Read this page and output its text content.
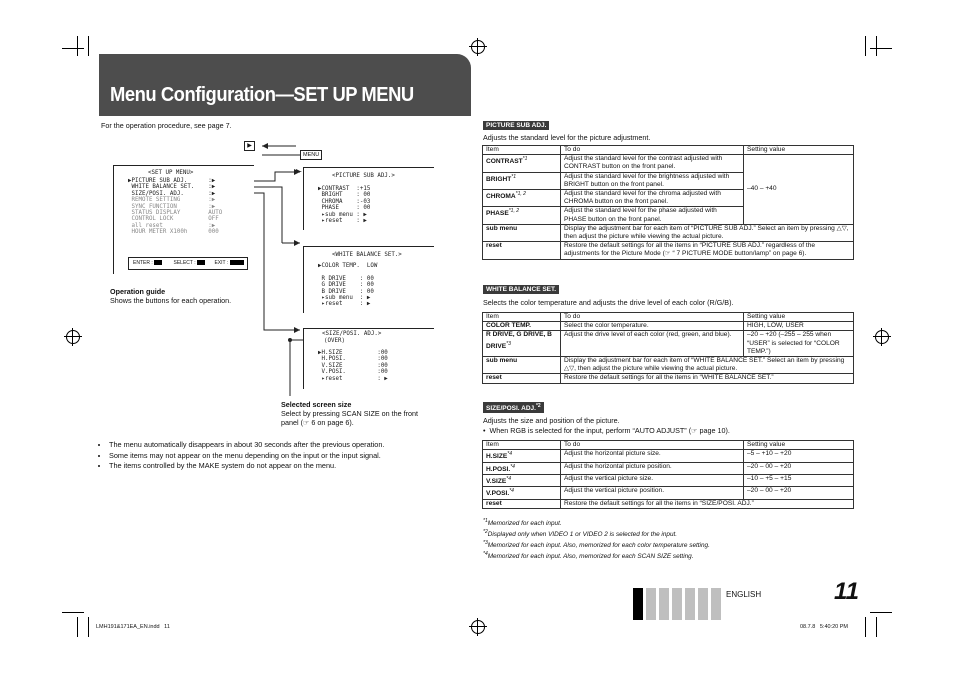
Menu Configuration—SET UP MENU
For the operation procedure, see page 7.
▶
MENU
<SET UP MENU>
▶PICTURE SUB ADJ.      :▶
WHITE BALANCE SET.    :▶
SIZE/POSI. ADJ.       :▶
REMOTE SETTING        :▶
SYNC FUNCTION         :▶
STATUS DISPLAY        AUTO
CONTROL LOCK          OFF
all reset             :▶
HOUR METER X100h      000
ENTER :	SELECT :	EXIT :
Operation guide
Shows the buttons for each operation.
<PICTURE SUB ADJ.>
▶CONTRAST  :+15
BRIGHT    : 00
CHROMA    :-03
PHASE     : 00
▸sub menu : ▶
▸reset    : ▶
<WHITE BALANCE SET.>
▶COLOR TEMP.  LOW

R DRIVE    : 00
G DRIVE    : 00
B DRIVE    : 00
▸sub menu  : ▶
▸reset     : ▶
<SIZE/POSI. ADJ.>
(OVER)
▶H.SIZE          :00
H.POSI.         :00
V.SIZE          :00
V.POSI.         :00
▸reset          : ▶
Selected screen size
Select by pressing SCAN SIZE on the front panel (☞ 6 on page 6).
• The menu automatically disappears in about 30 seconds after the previous operation.
• Some items may not appear on the menu depending on the input or the input signal.
• The items controlled by the MAKE system do not appear on the menu.
PICTURE SUB ADJ.
Adjusts the standard level for the picture adjustment.
Item	To do	Setting value
CONTRAST$^{*1}$	Adjust the standard level for the contrast adjusted with CONTRAST button on the front panel.	–40 – +40
BRIGHT$^{*1}$	Adjust the standard level for the brightness adjusted with BRIGHT button on the front panel.	
CHROMA$^{*1, 2}$	Adjust the standard level for the chroma adjusted with CHROMA button on the front panel.	
PHASE$^{*1, 2}$	Adjust the standard level for the phase adjusted with PHASE button on the front panel.	
sub menu	Display the adjustment bar for each item of “PICTURE SUB ADJ.” Select an item by pressing △▽, then adjust the picture while viewing the actual picture.	
reset	Restore the default settings for all the items in “PICTURE SUB ADJ.” regardless of the adjustments for the Picture Mode (☞ “ 7 PICTURE MODE button/lamp” on page 6).	
WHITE BALANCE SET.
Selects the color temperature and adjusts the drive level of each color (R/G/B).
Item	To do	Setting value
COLOR TEMP.	Select the color temperature.	HIGH, LOW, USER
R DRIVE, G DRIVE, B DRIVE$^{*3}$	Adjust the drive level of each color (red, green, and blue).	–20 – +20 (–255 – 255 when “USER” is selected for “COLOR TEMP.”)
sub menu	Display the adjustment bar for each item of “WHITE BALANCE SET.” Select an item by pressing △▽, then adjust the picture while viewing the actual picture.	
reset	Restore the default settings for all the items in “WHITE BALANCE SET.”	
SIZE/POSI. ADJ.$^{*2}$
Adjusts the size and position of the picture.
•  When RGB is selected for the input, perform “AUTO ADJUST” (☞ page 10).
Item	To do	Setting value
H.SIZE$^{*4}$	Adjust the horizontal picture size.	–5 – +10 – +20
H.POSI.$^{*4}$	Adjust the horizontal picture position.	–20 – 00 – +20
V.SIZE$^{*4}$	Adjust the vertical picture size.	–10 – +5 – +15
V.POSI.$^{*4}$	Adjust the vertical picture position.	–20 – 00 – +20
reset	Restore the default settings for all the items in “SIZE/POSI. ADJ.”	
$^{*1}$Memorized for each input.
$^{*2}$Displayed only when VIDEO 1 or VIDEO 2 is selected for the input.
$^{*3}$Memorized for each input. Also, memorized for each color temperature setting.
$^{*4}$Memorized for each input. Also, memorized for each SCAN SIZE setting.
ENGLISH	11
LMH191&171EA_EN.indd   11	08.7.8   5:40:20 PM
